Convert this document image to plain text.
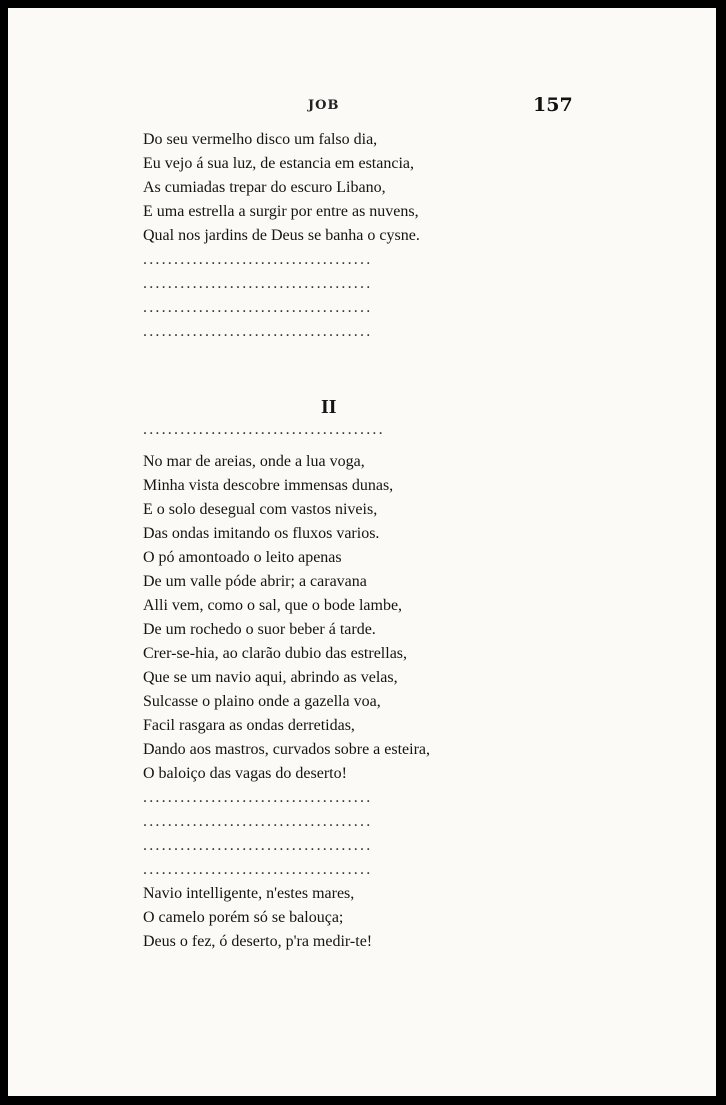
JOB	157
Do seu vermelho disco um falso dia,
Eu vejo á sua luz, de estancia em estancia,
As cumiadas trepar do escuro Libano,
E uma estrella a surgir por entre as nuvens,
Qual nos jardins de Deus se banha o cysne.
.....................................
.....................................
.....................................
.....................................
II
.......................................
No mar de areias, onde a lua voga,
Minha vista descobre immensas dunas,
E o solo desegual com vastos niveis,
Das ondas imitando os fluxos varios.
O pó amontoado o leito apenas
De um valle póde abrir; a caravana
Alli vem, como o sal, que o bode lambe,
De um rochedo o suor beber á tarde.
Crer-se-hia, ao clarão dubio das estrellas,
Que se um navio aqui, abrindo as velas,
Sulcasse o plaino onde a gazella voa,
Facil rasgara as ondas derretidas,
Dando aos mastros, curvados sobre a esteira,
O baloiço das vagas do deserto!
.....................................
.....................................
.....................................
.....................................
Navio intelligente, n'estes mares,
O camelo porém só se balouça;
Deus o fez, ó deserto, p'ra medir-te!
